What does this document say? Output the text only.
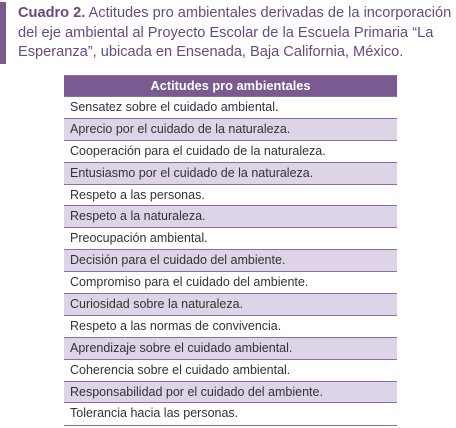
Cuadro 2. Actitudes pro ambientales derivadas de la incorporación del eje ambiental al Proyecto Escolar de la Escuela Primaria “La Esperanza”, ubicada en Ensenada, Baja California, México.
Actitudes pro ambientales
Sensatez sobre el cuidado ambiental.
Aprecio por el cuidado de la naturaleza.
Cooperación para el cuidado de la naturaleza.
Entusiasmo por el cuidado de la naturaleza.
Respeto a las personas.
Respeto a la naturaleza.
Preocupación ambiental.
Decisión para el cuidado del ambiente.
Compromiso para el cuidado del ambiente.
Curiosidad sobre la naturaleza.
Respeto a las normas de convivencia.
Aprendizaje sobre el cuidado ambiental.
Coherencia sobre el cuidado ambiental.
Responsabilidad por el cuidado del ambiente.
Tolerancia hacia las personas.
